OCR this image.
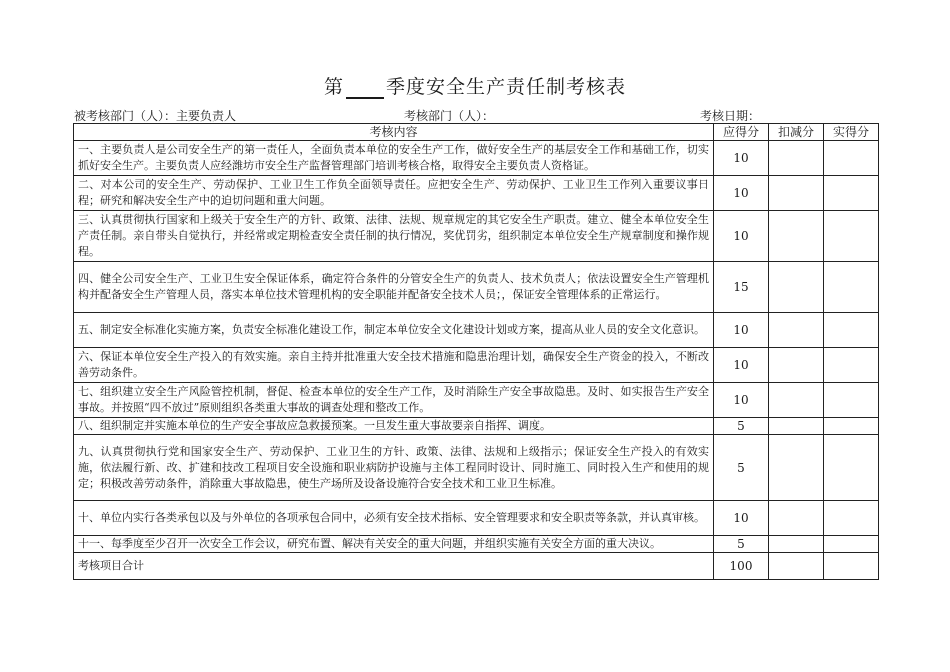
第 季度安全生产责任制考核表
被考核部门（人）：主要负责人	考核部门（人）：	考核日期：
考核内容	应得分	扣减分	实得分
一、主要负责人是公司安全生产的第一责任人，全面负责本单位的安全生产工作，做好安全生产的基层安全工作和基础工作，切实抓好安全生产。主要负责人应经潍坊市安全生产监督管理部门培训考核合格，取得安全主要负责人资格证。	10		
二、对本公司的安全生产、劳动保护、工业卫生工作负全面领导责任。应把安全生产、劳动保护、工业卫生工作列入重要议事日程；研究和解决安全生产中的迫切问题和重大问题。	10		
三、认真贯彻执行国家和上级关于安全生产的方针、政策、法律、法规、规章规定的其它安全生产职责。建立、健全本单位安全生产责任制。亲自带头自觉执行，并经常或定期检查安全责任制的执行情况，奖优罚劣，组织制定本单位安全生产规章制度和操作规程。	10		
四、健全公司安全生产、工业卫生安全保证体系，确定符合条件的分管安全生产的负责人、技术负责人；依法设置安全生产管理机构并配备安全生产管理人员，落实本单位技术管理机构的安全职能并配备安全技术人员；，保证安全管理体系的正常运行。	15		
五、制定安全标准化实施方案，负责安全标准化建设工作，制定本单位安全文化建设计划或方案，提高从业人员的安全文化意识。	10		
六、保证本单位安全生产投入的有效实施。亲自主持并批准重大安全技术措施和隐患治理计划，确保安全生产资金的投入，不断改善劳动条件。	10		
七、组织建立安全生产风险管控机制，督促、检查本单位的安全生产工作，及时消除生产安全事故隐患。及时、如实报告生产安全事故。并按照“四不放过”原则组织各类重大事故的调查处理和整改工作。	10		
八、组织制定并实施本单位的生产安全事故应急救援预案。一旦发生重大事故要亲自指挥、调度。	5		
九、认真贯彻执行党和国家安全生产、劳动保护、工业卫生的方针、政策、法律、法规和上级指示；保证安全生产投入的有效实施，依法履行新、改、扩建和技改工程项目安全设施和职业病防护设施与主体工程同时设计、同时施工、同时投入生产和使用的规定；积极改善劳动条件，消除重大事故隐患，使生产场所及设备设施符合安全技术和工业卫生标准。	5		
十、单位内实行各类承包以及与外单位的各项承包合同中，必须有安全技术指标、安全管理要求和安全职责等条款，并认真审核。	10		
十一、每季度至少召开一次安全工作会议，研究布置、解决有关安全的重大问题，并组织实施有关安全方面的重大决议。	5		
考核项目合计	100		
